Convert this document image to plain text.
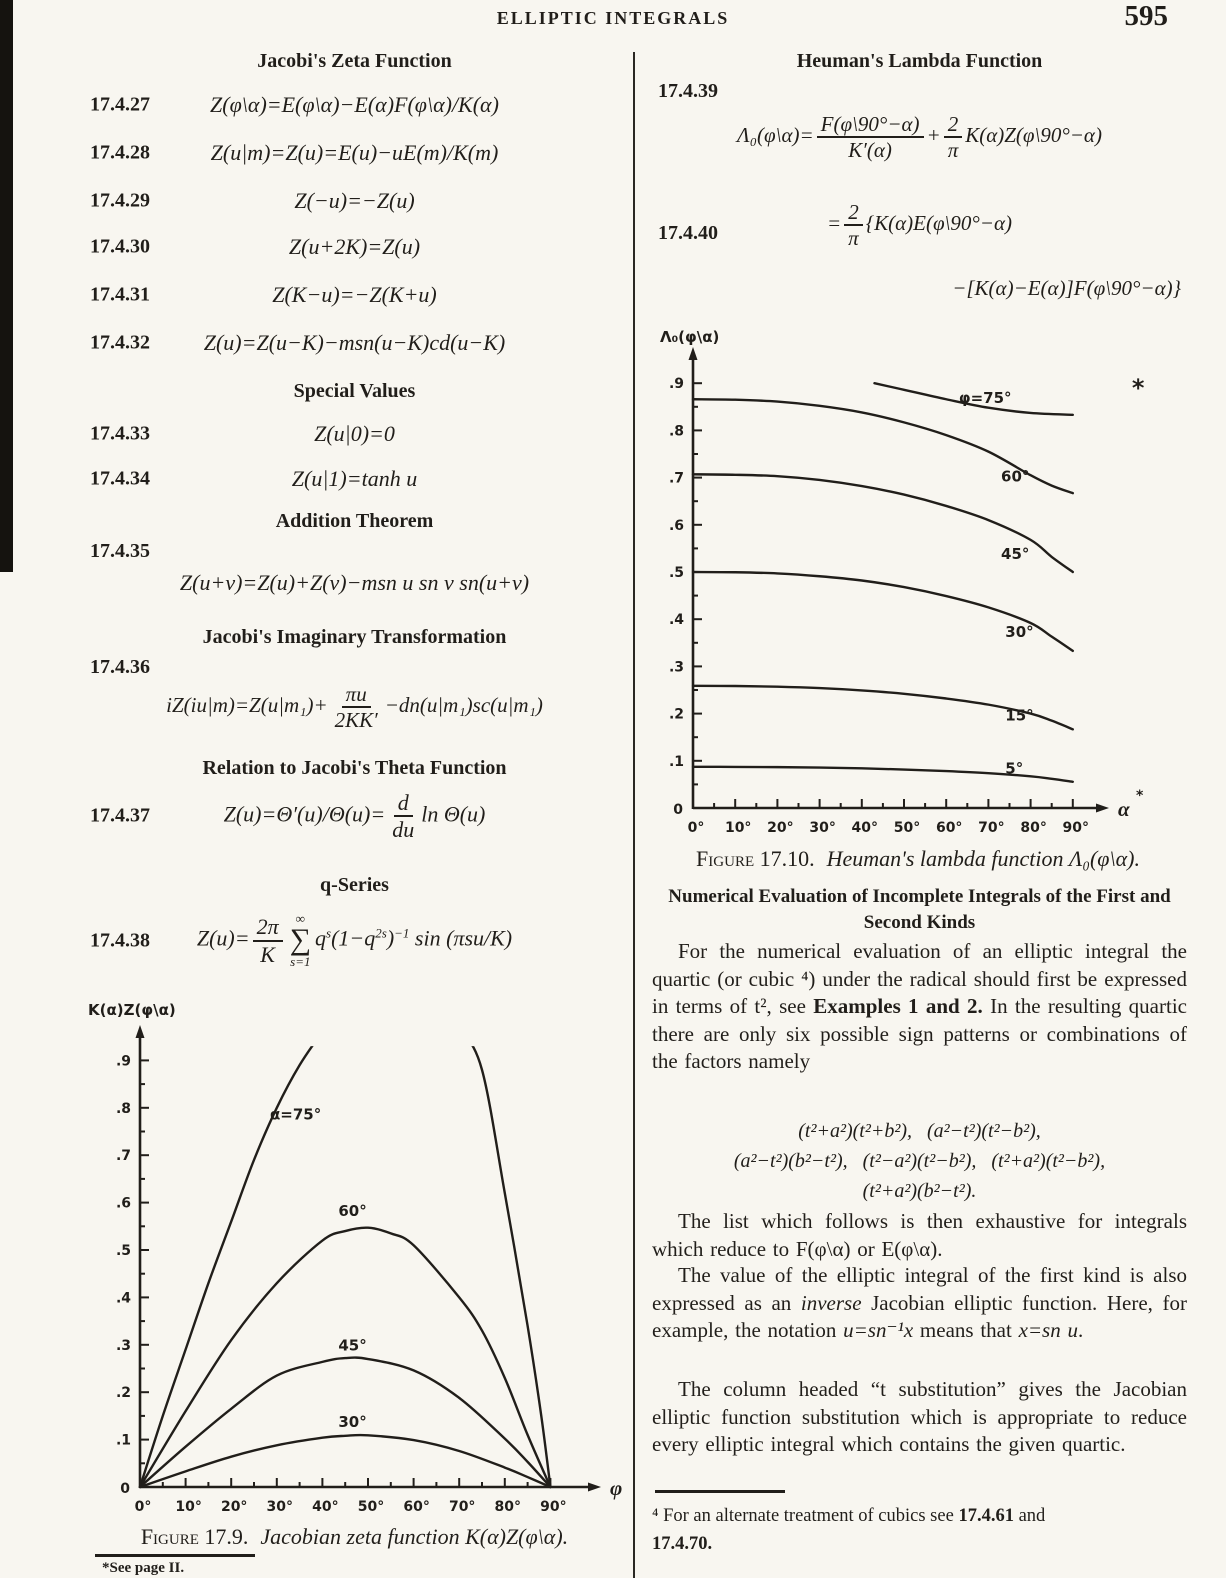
ELLIPTIC INTEGRALS	595
Jacobi's Zeta Function
17.4.27	Z(φ\α)=E(φ\α)−E(α)F(φ\α)/K(α)
17.4.28	Z(u|m)=Z(u)=E(u)−uE(m)/K(m)
17.4.29	Z(−u)=−Z(u)
17.4.30	Z(u+2K)=Z(u)
17.4.31	Z(K−u)=−Z(K+u)
17.4.32 Z(u)=Z(u−K)−msn(u−K)cd(u−K)
Special Values
17.4.33	Z(u|0)=0
17.4.34	Z(u|1)=tanh u
Addition Theorem
17.4.35
Z(u+v)=Z(u)+Z(v)−msn u sn v sn(u+v)
Jacobi's Imaginary Transformation
17.4.36
$iZ(iu|m)=Z(u|m_1)+ \frac{\pi u}{2KK'} -dn(u|m_1)sc(u|m_1)$
Relation to Jacobi's Theta Function
17.4.37	$Z(u)=\Theta'(u)/\Theta(u)= \frac{d}{du}$ ln Θ(u)
q-Series
17.4.38 $Z(u)= \frac{2\pi}{K}$ ∞
∑
s=1
$q^s(1-q^{2s})^{-1}$ sin (πsu/K)
K(α)Z(φ\α)
0° 10° 20° 30° 40° 50° 60° 70° 80° 90°
.1
.2
.3
.4
.5
.6
.7
.8
.9
0
α=75°
60°
45°
30°
φ
Figure 17.9. Jacobian zeta function K(α)Z(φ\α).
*See page II.
Heuman's Lambda Function
17.4.39
Λ₀(φ\α)= $\frac{F(\varphi\backslash 90^\circ-\alpha)}{K'(\alpha)} + \frac{2}{\pi}$ K(α)Z(φ\90°−α)
17.4.40	= $\frac{2}{\pi}$ {K(α)E(φ\90°−α)
−[K(α)−E(α)]F(φ\90°−α)}
Λ₀(φ\α)
0° 10° 20° 30° 40° 50° 60° 70° 80° 90°
.1
.2
.3
.4
.5
.6
.7
.8
.9
0
φ=75°
60°
45°
30°
15°
5°
*
α
*
Figure 17.10. Heuman's lambda function Λ₀(φ\α).
Numerical Evaluation of Incomplete Integrals of the First and Second Kinds
For the numerical evaluation of an elliptic integral the quartic (or cubic ⁴) under the radical should first be expressed in terms of t², see Examples 1 and 2. In the resulting quartic there are only six possible sign patterns or combinations of the factors namely
(t²+a²)(t²+b²),  (a²−t²)(t²−b²),
(a²−t²)(b²−t²),  (t²−a²)(t²−b²),  (t²+a²)(t²−b²),
(t²+a²)(b²−t²).
The list which follows is then exhaustive for integrals which reduce to F(φ\α) or E(φ\α).
The value of the elliptic integral of the first kind is also expressed as an inverse Jacobian elliptic function. Here, for example, the notation u=sn⁻¹x means that x=sn u.
The column headed “t substitution” gives the Jacobian elliptic function substitution which is appropriate to reduce every elliptic integral which contains the given quartic.
⁴ For an alternate treatment of cubics see 17.4.61 and
17.4.70.
